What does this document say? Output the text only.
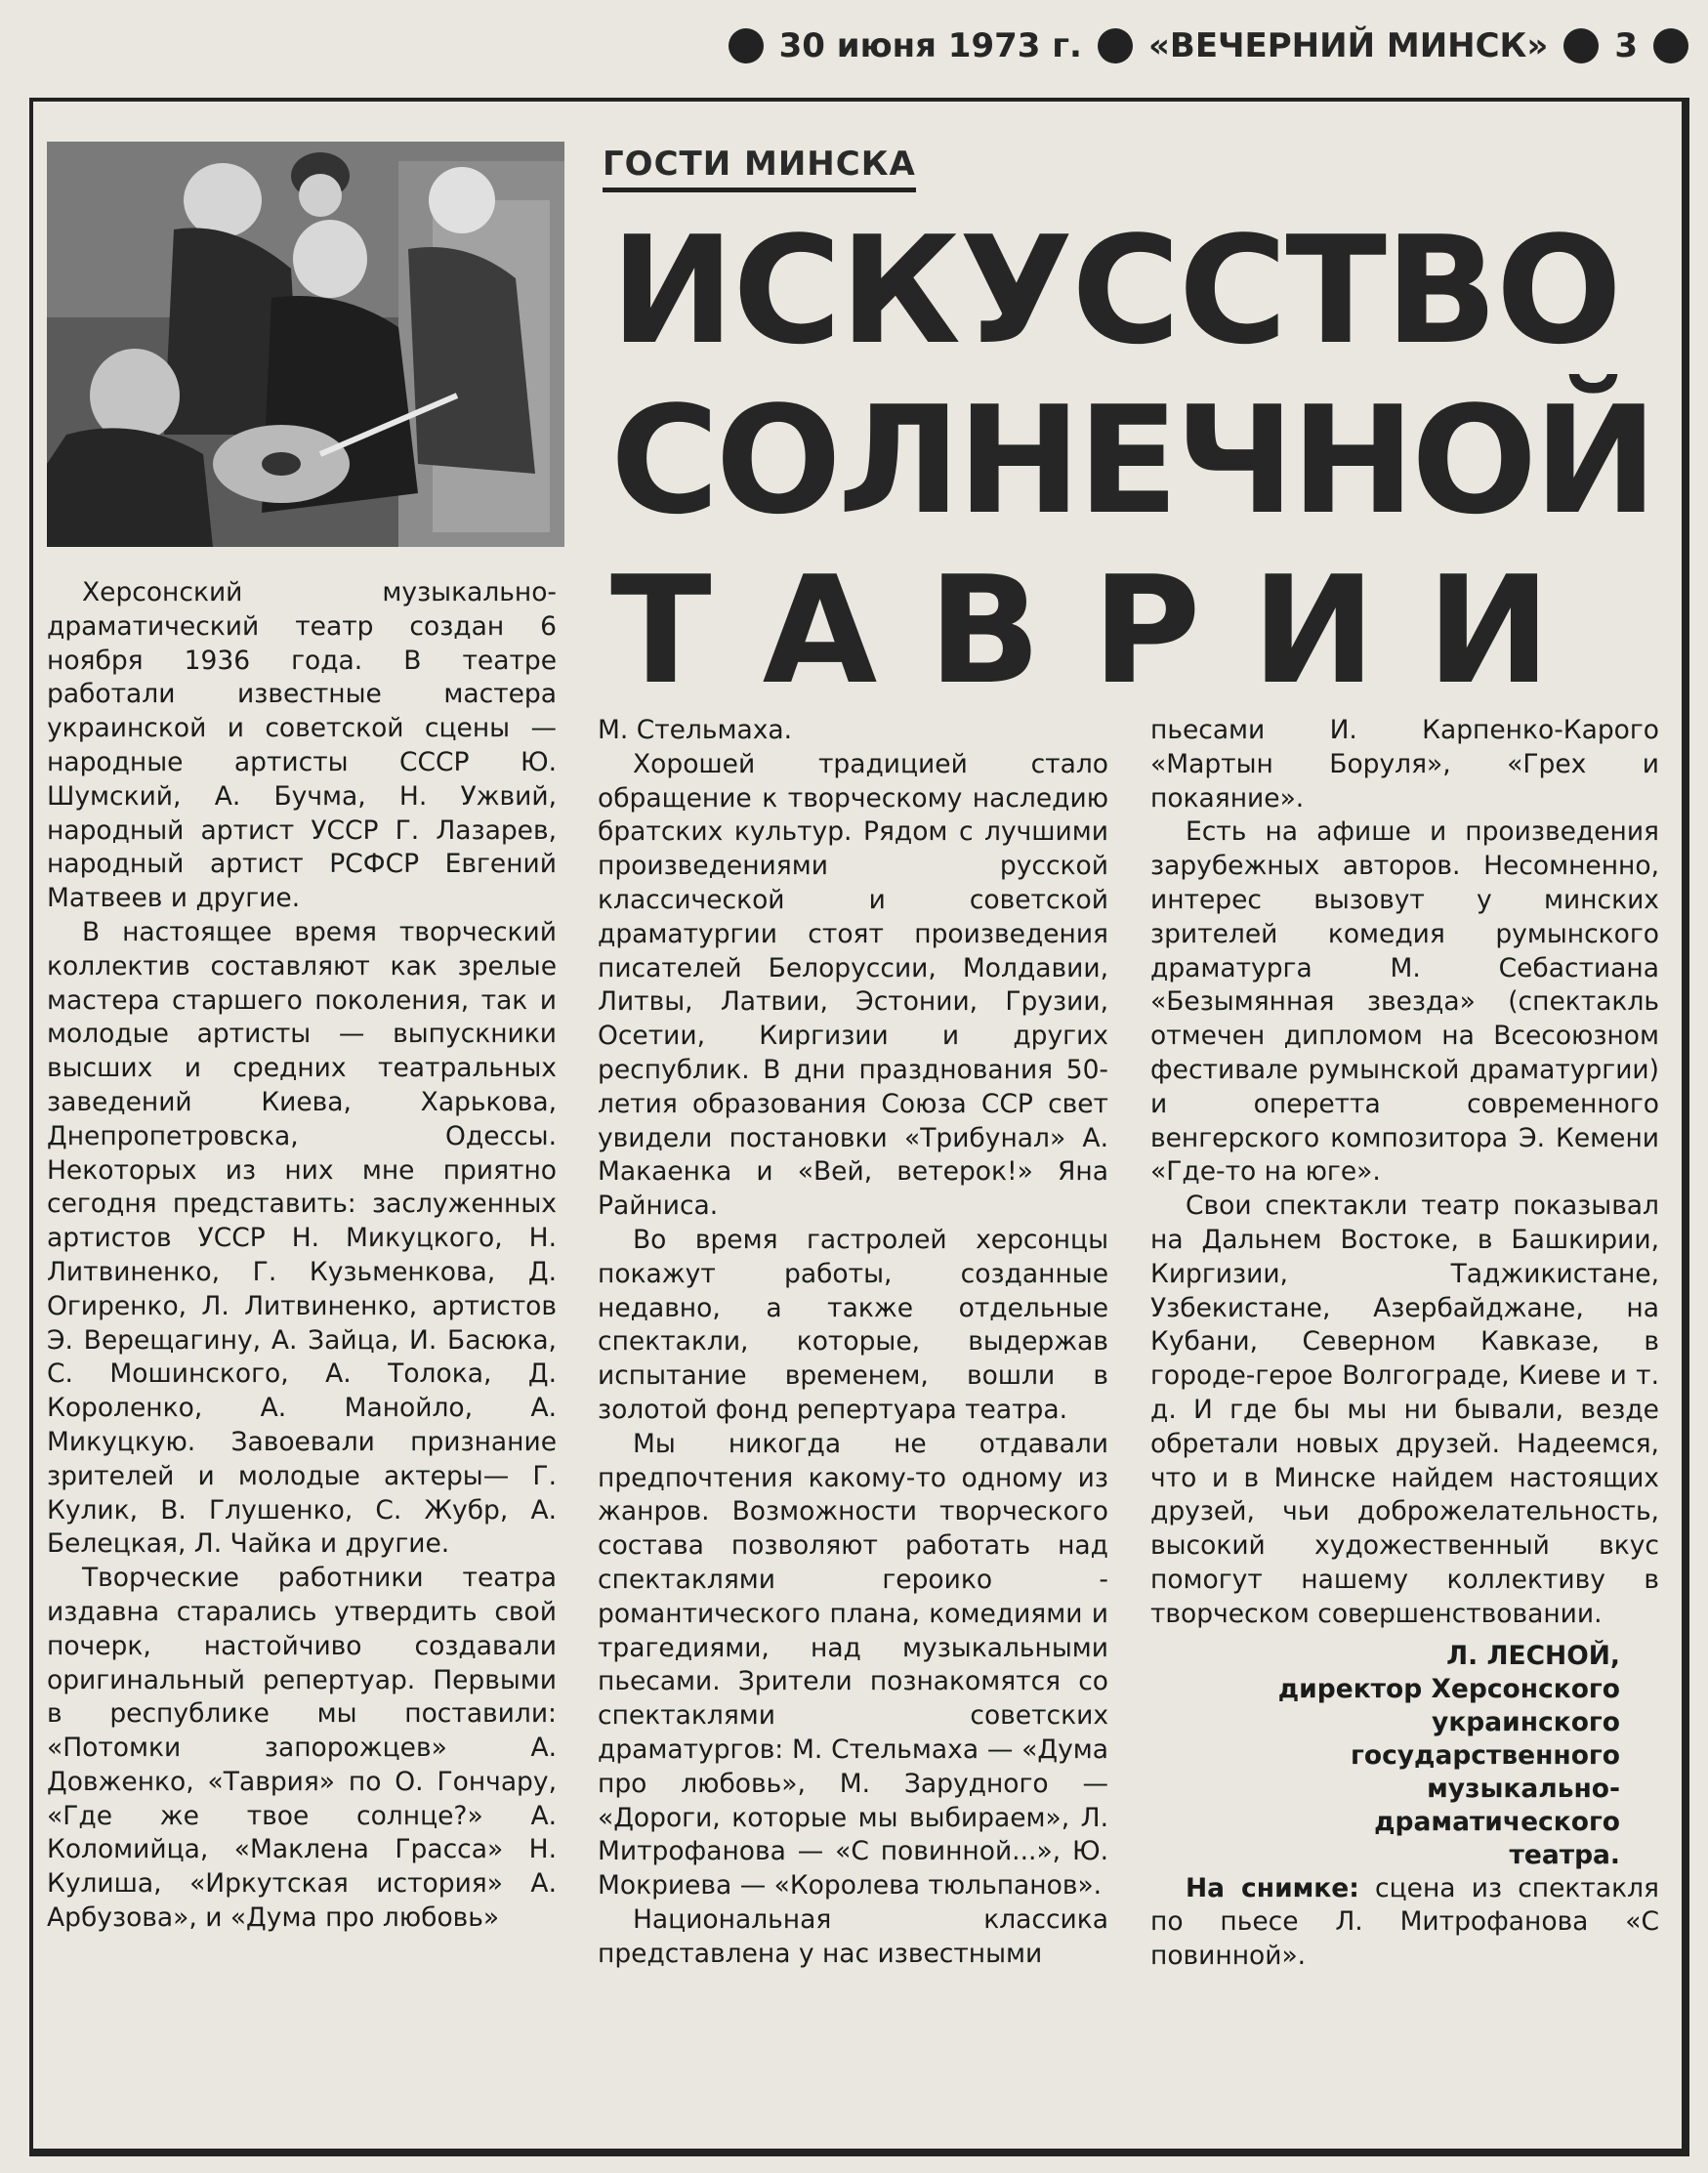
30 июня 1973 г. «ВЕЧЕРНИЙ МИНСК» 3
ГОСТИ МИНСКА
ИСКУССТВО
СОЛНЕЧНОЙ
ТАВРИИ

Херсонский музыкально-драматический театр создан 6 ноября 1936 года. В театре работали известные мастера украинской и советской сцены — народные артисты СССР Ю. Шумский, А. Бучма, Н. Ужвий, народный артист УССР Г. Лазарев, народный артист РСФСР Евгений Матвеев и другие.

В настоящее время творческий коллектив составляют как зрелые мастера старшего поколения, так и молодые артисты — выпускники высших и средних театральных заведений Киева, Харькова, Днепропетровска, Одессы. Некоторых из них мне приятно сегодня представить: заслуженных артистов УССР Н. Микуцкого, Н. Литвиненко, Г. Кузьменкова, Д. Огиренко, Л. Литвиненко, артистов Э. Верещагину, А. Зайца, И. Басюка, С. Мошинского, А. Толока, Д. Короленко, А. Манойло, А. Микуцкую. Завоевали признание зрителей и молодые актеры— Г. Кулик, В. Глушенко, С. Жубр, А. Белецкая, Л. Чайка и другие.

Творческие работники театра издавна старались утвердить свой почерк, настойчиво создавали оригинальный репертуар. Первыми в республике мы поставили: «Потомки запорожцев» А. Довженко, «Таврия» по О. Гончару, «Где же твое солнце?» А. Коломийца, «Маклена Грасса» Н. Кулиша, «Иркутская история» А. Арбузова», и «Дума про любовь»

М. Стельмаха.

Хорошей традицией стало обращение к творческому наследию братских культур. Рядом с лучшими произведениями русской классической и советской драматургии стоят произведения писателей Белоруссии, Молдавии, Литвы, Латвии, Эстонии, Грузии, Осетии, Киргизии и других республик. В дни празднования 50-летия образования Союза ССР свет увидели постановки «Трибунал» А. Макаенка и «Вей, ветерок!» Яна Райниса.

Во время гастролей херсонцы покажут работы, созданные недавно, а также отдельные спектакли, которые, выдержав испытание временем, вошли в золотой фонд репертуара театра.

Мы никогда не отдавали предпочтения какому-то одному из жанров. Возможности творческого состава позволяют работать над спектаклями героико - романтического плана, комедиями и трагедиями, над музыкальными пьесами. Зрители познакомятся со спектаклями советских драматургов: М. Стельмаха — «Дума про любовь», М. Зарудного — «Дороги, которые мы выбираем», Л. Митрофанова — «С повинной...», Ю. Мокриева — «Королева тюльпанов».

Национальная классика представлена у нас известными

пьесами И. Карпенко-Карого «Мартын Боруля», «Грех и покаяние».

Есть на афише и произведения зарубежных авторов. Несомненно, интерес вызовут у минских зрителей комедия румынского драматурга М. Себастиана «Безымянная звезда» (спектакль отмечен дипломом на Всесоюзном фестивале румынской драматургии) и оперетта современного венгерского композитора Э. Кемени «Где-то на юге».

Свои спектакли театр показывал на Дальнем Востоке, в Башкирии, Киргизии, Таджикистане, Узбекистане, Азербайджане, на Кубани, Северном Кавказе, в городе-герое Волгограде, Киеве и т. д. И где бы мы ни бывали, везде обретали новых друзей. Надеемся, что и в Минске найдем настоящих друзей, чьи доброжелательность, высокий художественный вкус помогут нашему коллективу в творческом совершенствовании.

Л. ЛЕСНОЙ,
директор Херсонского
украинского
государственного
музыкально-
драматического
театра.

На снимке: сцена из спектакля по пьесе Л. Митрофанова «С повинной».
